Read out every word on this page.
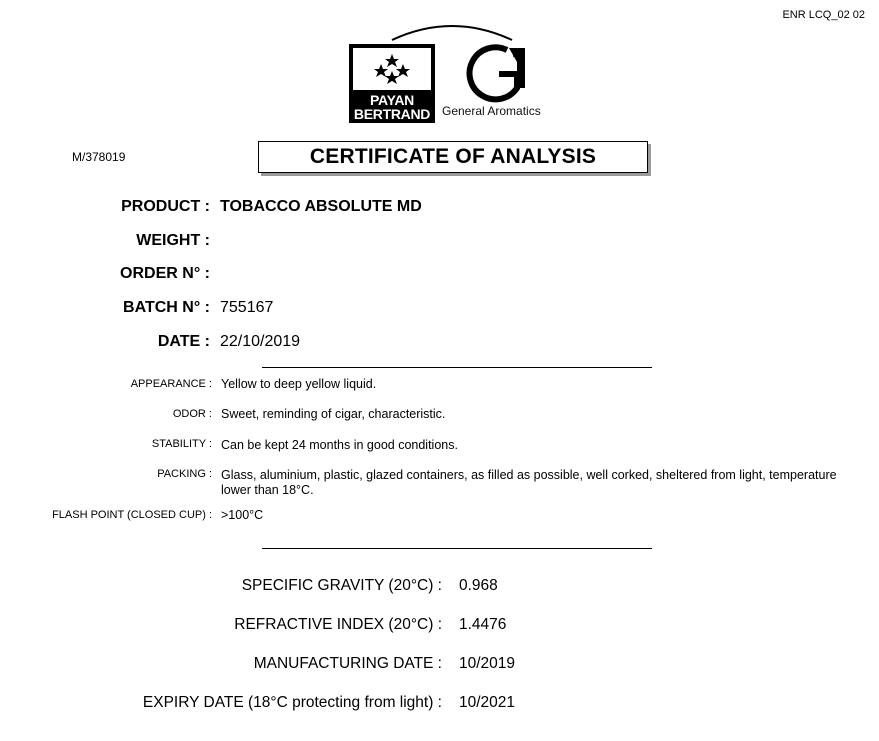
ENR LCQ_02 02
PAYAN
BERTRAND General Aromatics
M/378019	CERTIFICATE OF ANALYSIS
PRODUCT : TOBACCO ABSOLUTE MD
WEIGHT :
ORDER N° :
BATCH N° : 755167
DATE : 22/10/2019
APPEARANCE : Yellow to deep yellow liquid.
ODOR : Sweet, reminding of cigar, characteristic.
STABILITY : Can be kept 24 months in good conditions.
PACKING : Glass, aluminium, plastic, glazed containers, as filled as possible, well corked, sheltered from light, temperature lower than 18°C.
FLASH POINT (CLOSED CUP) : >100°C
SPECIFIC GRAVITY (20°C) : 0.968
REFRACTIVE INDEX (20°C) : 1.4476
MANUFACTURING DATE : 10/2019
EXPIRY DATE (18°C protecting from light) : 10/2021
